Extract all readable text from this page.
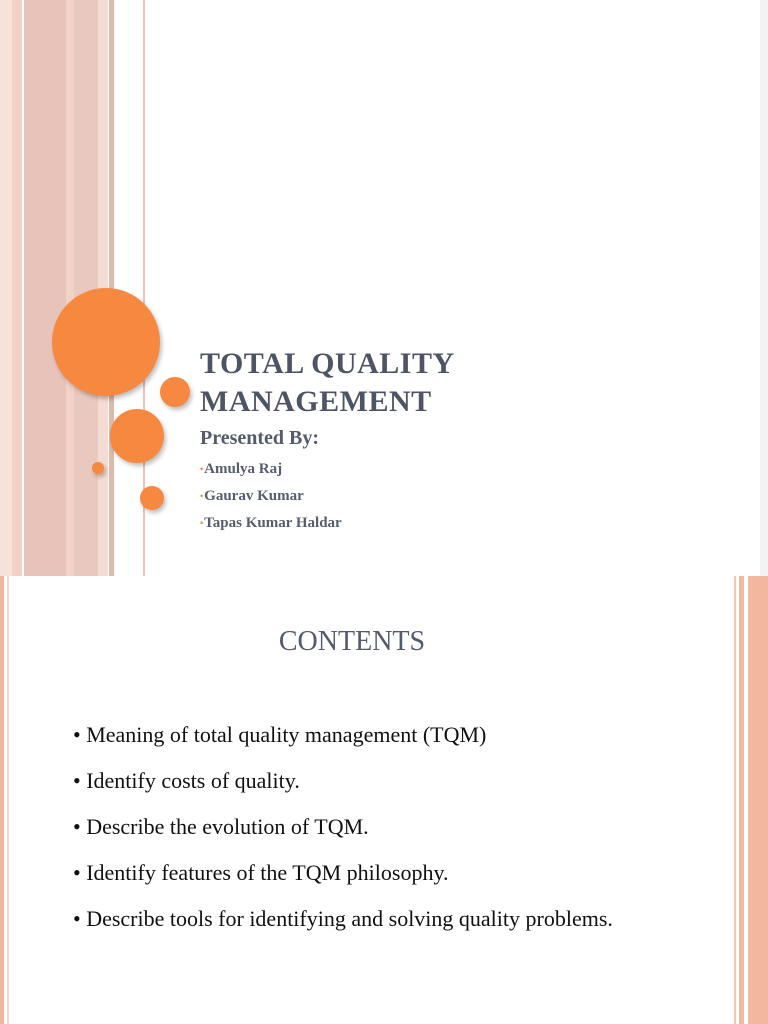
TOTAL QUALITY
MANAGEMENT
Presented By:
•Amulya Raj
•Gaurav Kumar
•Tapas Kumar Haldar
CONTENTS
• Meaning of total quality management (TQM)
• Identify costs of quality.
• Describe the evolution of TQM.
• Identify features of the TQM philosophy.
• Describe tools for identifying and solving quality problems.
